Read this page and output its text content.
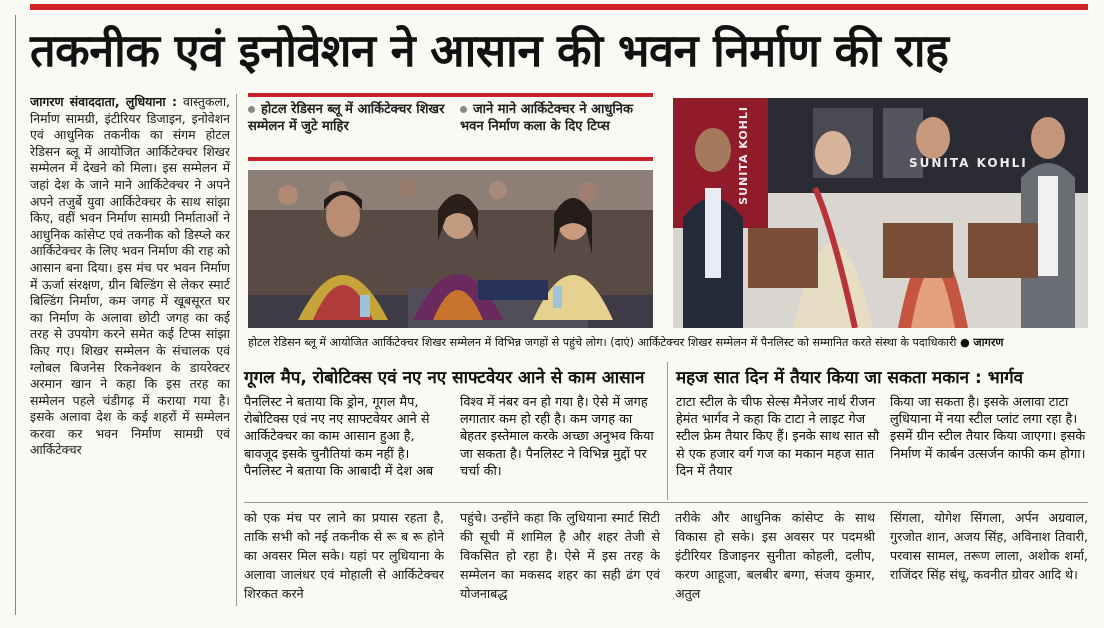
तकनीक एवं इनोवेशन ने आसान की भवन निर्माण की राह

जागरण संवाददाता, लुधियाना : वास्तुकला, निर्माण सामग्री, इंटीरियर डिजाइन, इनोवेशन एवं आधुनिक तकनीक का संगम होटल रेडिसन ब्लू में आयोजित आर्किटेक्चर शिखर सम्मेलन में देखने को मिला। इस सम्मेलन में जहां देश के जाने माने आर्किटेक्चर ने अपने अपने तजुर्बे युवा आर्किटेक्चर के साथ सांझा किए, वहीं भवन निर्माण सामग्री निर्माताओं ने आधुनिक कांसेप्ट एवं तकनीक को डिस्प्ले कर आर्किटेक्चर के लिए भवन निर्माण की राह को आसान बना दिया। इस मंच पर भवन निर्माण में ऊर्जा संरक्षण, ग्रीन बिल्डिंग से लेकर स्मार्ट बिल्डिंग निर्माण, कम जगह में खूबसूरत घर का निर्माण के अलावा छोटी जगह का कई तरह से उपयोग करने समेत कई टिप्स सांझा किए गए। शिखर सम्मेलन के संचालक एवं ग्लोबल बिजनेस रिकनेक्शन के डायरेक्टर अरमान खान ने कहा कि इस तरह का सम्मेलन पहले चंडीगढ़ में कराया गया है। इसके अलावा देश के कई शहरों में सम्मेलन करवा कर भवन निर्माण सामग्री एवं आर्किटेक्चर

होटल रेडिसन ब्लू में आर्किटेक्चर शिखर सम्मेलन में जुटे माहिर
जाने माने आर्किटेक्चर ने आधुनिक भवन निर्माण कला के दिए टिप्स	SUNITA KOHLI	SUNITA KOHLI
होटल रेडिसन ब्लू में आयोजित आर्किटेक्चर शिखर सम्मेलन में विभिन्न जगहों से पहुंचे लोग। (दाएं) आर्किटेक्चर शिखर सम्मेलन में पैनलिस्ट को सम्मानित करते संस्था के पदाधिकारी ● जागरण
गूगल मैप, रोबोटिक्स एवं नए नए साफ्टवेयर आने से काम आसान
पैनलिस्ट ने बताया कि ड्रोन, गूगल मैप, रोबोटिक्स एवं नए नए साफ्टवेयर आने से आर्किटेक्चर का काम आसान हुआ है, बावजूद इसके चुनौतियां कम नहीं है। पैनलिस्ट ने बताया कि आबादी में देश अब
विश्व में नंबर वन हो गया है। ऐसे में जगह लगातार कम हो रही है। कम जगह का बेहतर इस्तेमाल करके अच्छा अनुभव किया जा सकता है। पैनलिस्ट ने विभिन्न मुद्दों पर चर्चा की।
महज सात दिन में तैयार किया जा सकता मकान : भार्गव
टाटा स्टील के चीफ सेल्स मैनेजर नार्थ रीजन हेमंत भार्गव ने कहा कि टाटा ने लाइट गेज स्टील फ्रेम तैयार किए हैं। इनके साथ सात सौ से एक हजार वर्ग गज का मकान महज सात दिन में तैयार
किया जा सकता है। इसके अलावा टाटा लुधियाना में नया स्टील प्लांट लगा रहा है। इसमें ग्रीन स्टील तैयार किया जाएगा। इसके निर्माण में कार्बन उत्सर्जन काफी कम होगा।
को एक मंच पर लाने का प्रयास रहता है, ताकि सभी को नई तकनीक से रू ब रू होने का अवसर मिल सके। यहां पर लुधियाना के अलावा जालंधर एवं मोहाली से आर्किटेक्चर शिरकत करने
पहुंचे। उन्होंने कहा कि लुधियाना स्मार्ट सिटी की सूची में शामिल है और शहर तेजी से विकसित हो रहा है। ऐसे में इस तरह के सम्मेलन का मकसद शहर का सही ढंग एवं योजनाबद्ध
तरीके और आधुनिक कांसेप्ट के साथ विकास हो सके। इस अवसर पर पदमश्री इंटीरियर डिजाइनर सुनीता कोहली, दलीप, करण आहूजा, बलबीर बग्गा, संजय कुमार, अतुल
सिंगला, योगेश सिंगला, अर्पन अग्रवाल, गुरजोत शान, अजय सिंह, अविनाश तिवारी, परवास सामल, तरूण लाला, अशोक शर्मा, राजिंदर सिंह संधू, कवनीत ग्रोवर आदि थे।
